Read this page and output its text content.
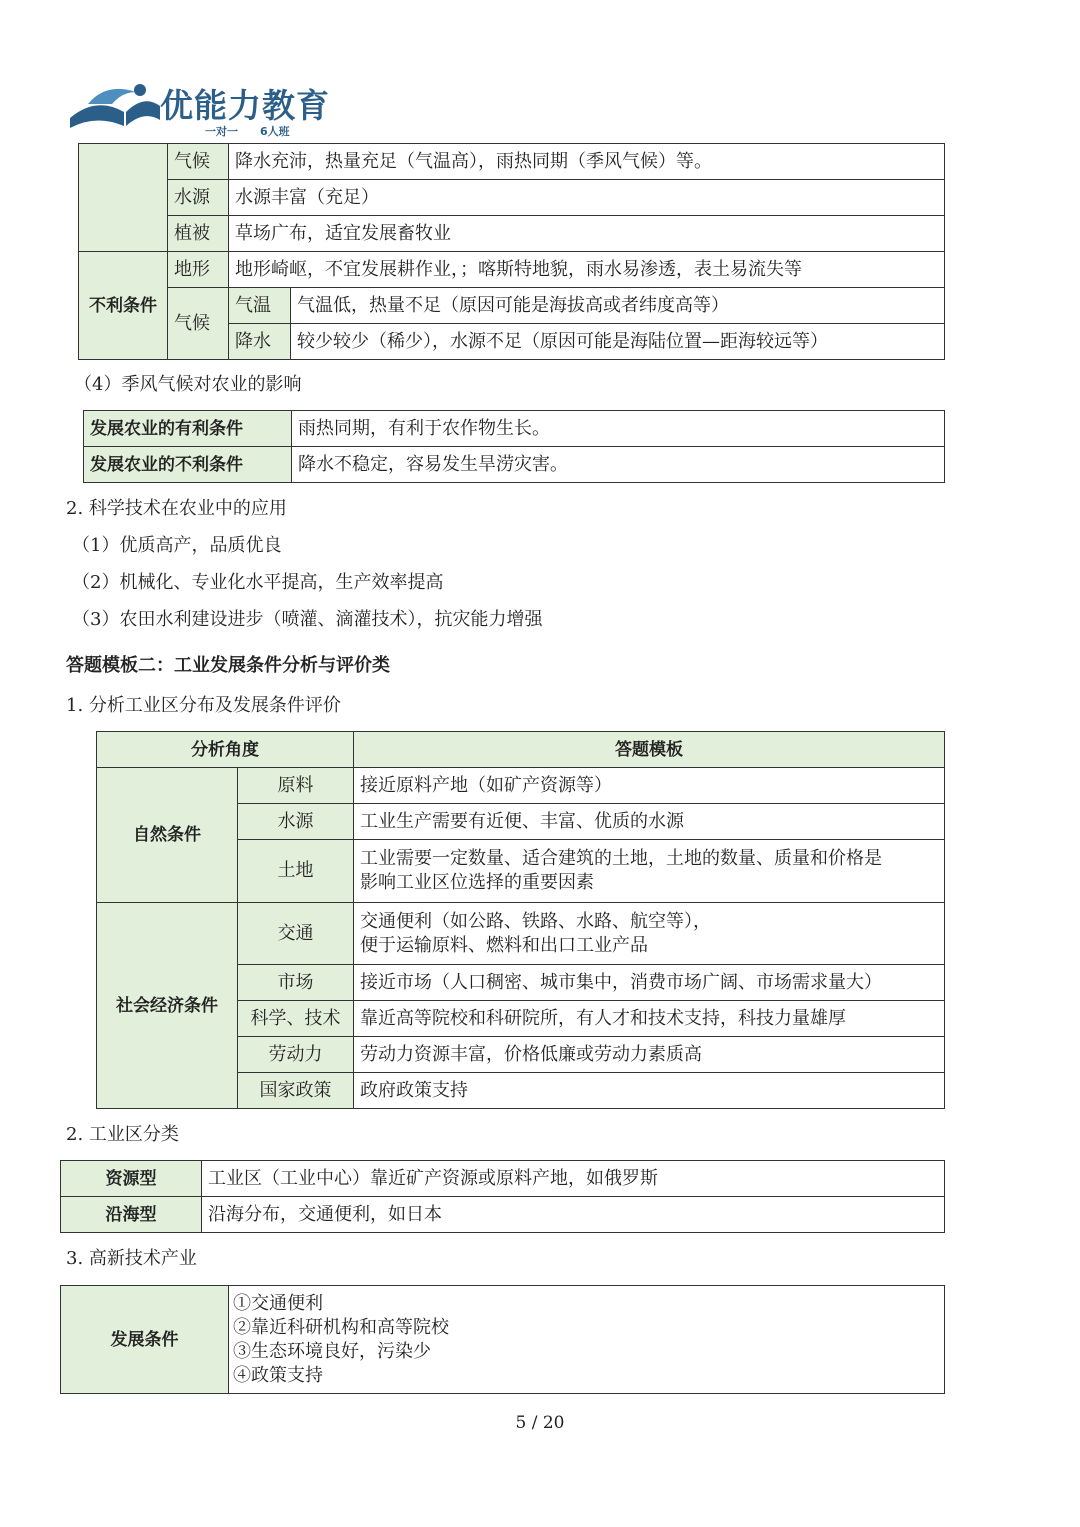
优能力教育
一对一　　6人班
	气候	降水充沛，热量充足（气温高），雨热同期（季风气候）等。	
	水源	水源丰富（充足）	
	植被	草场广布，适宜发展畜牧业	
不利条件	地形	地形崎岖，不宜发展耕作业，；喀斯特地貌，雨水易渗透，表土易流失等	
	气候	气温	气温低，热量不足（原因可能是海拔高或者纬度高等）
		降水	较少较少（稀少），水源不足（原因可能是海陆位置—距海较远等）
（4）季风气候对农业的影响
发展农业的有利条件	雨热同期，有利于农作物生长。
发展农业的不利条件	降水不稳定，容易发生旱涝灾害。
2. 科学技术在农业中的应用
（1）优质高产，品质优良
（2）机械化、专业化水平提高，生产效率提高
（3）农田水利建设进步（喷灌、滴灌技术），抗灾能力增强
答题模板二：工业发展条件分析与评价类
1. 分析工业区分布及发展条件评价
分析角度		答题模板
自然条件	原料	接近原料产地（如矿产资源等）
	水源	工业生产需要有近便、丰富、优质的水源
	土地	工业需要一定数量、适合建筑的土地，土地的数量、质量和价格是
影响工业区位选择的重要因素

社会经济条件	交通	交通便利（如公路、铁路、水路、航空等），
便于运输原料、燃料和出口工业产品

	市场	接近市场（人口稠密、城市集中，消费市场广阔、市场需求量大）
	科学、技术	靠近高等院校和科研院所，有人才和技术支持，科技力量雄厚
	劳动力	劳动力资源丰富，价格低廉或劳动力素质高
	国家政策	政府政策支持
2. 工业区分类
资源型	工业区（工业中心）靠近矿产资源或原料产地，如俄罗斯
沿海型	沿海分布，交通便利，如日本
3. 高新技术产业
发展条件	
①交通便利
②靠近科研机构和高等院校
③生态环境良好，污染少
④政策支持
5 / 20
